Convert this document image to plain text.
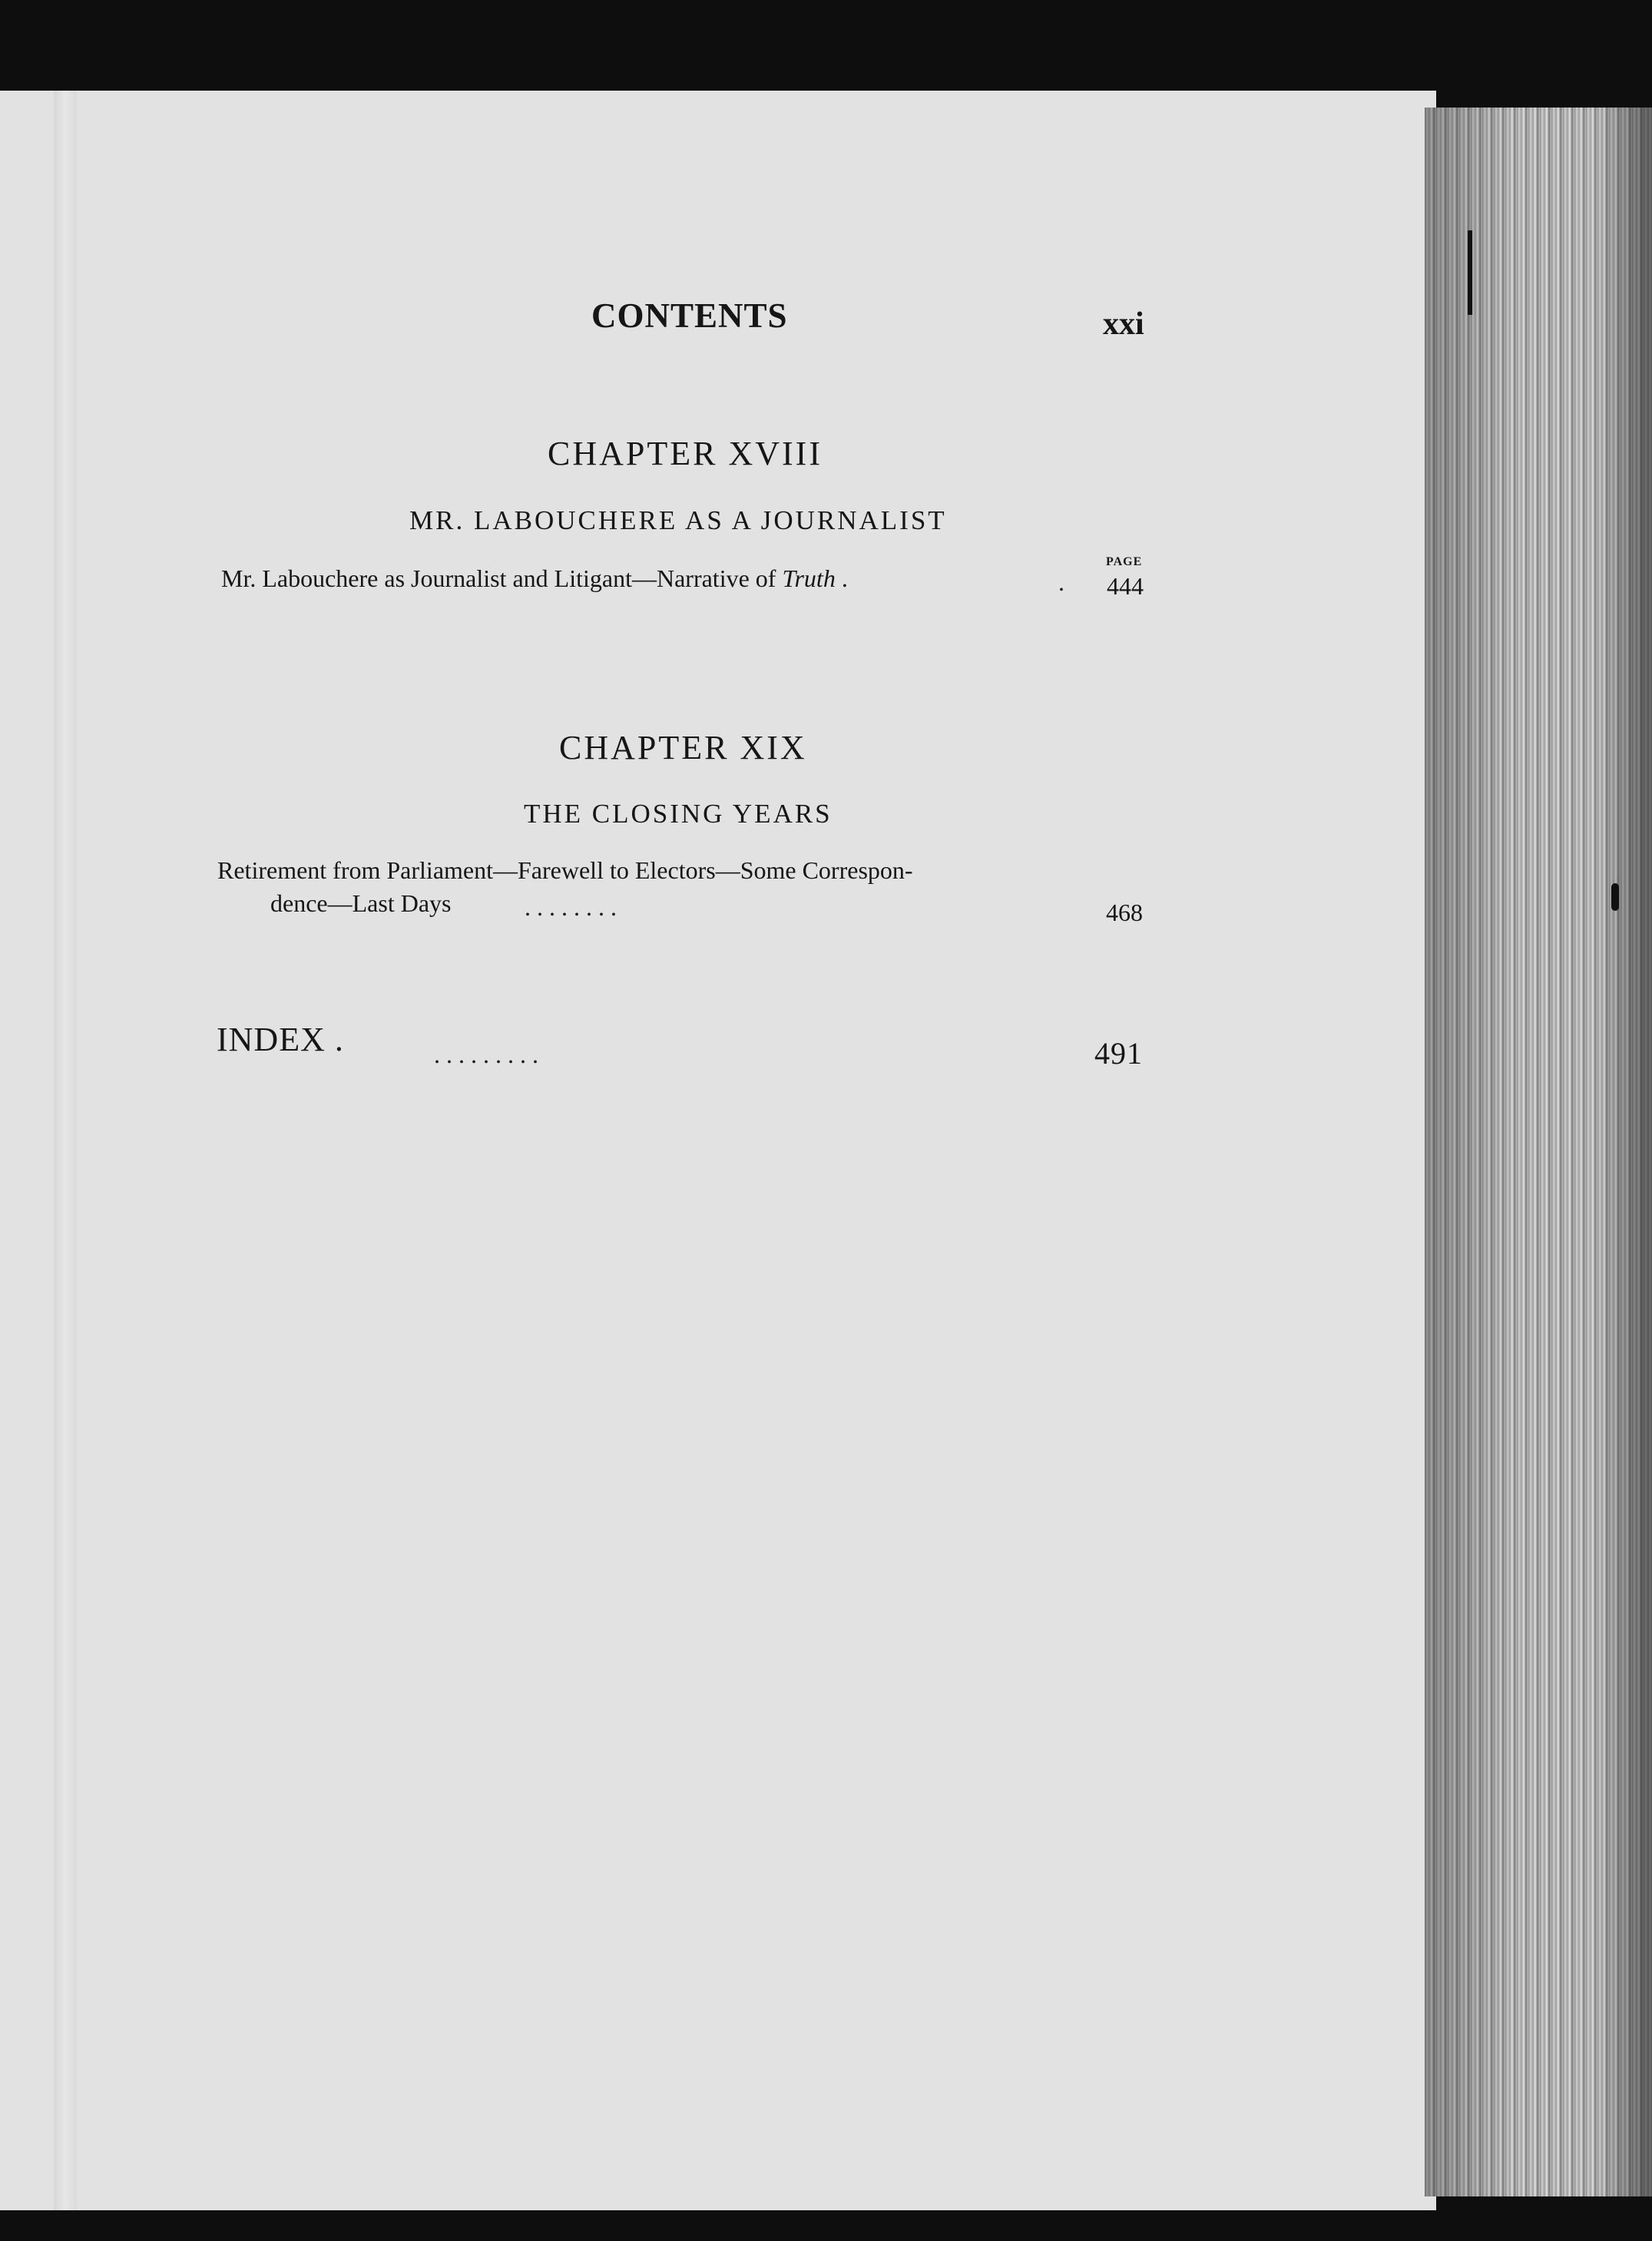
CONTENTS	xxi
CHAPTER XVIII
MR. LABOUCHERE AS A JOURNALIST
PAGE
Mr. Labouchere as Journalist and Litigant—Narrative of Truth .	. 444
CHAPTER XIX
THE CLOSING YEARS
Retirement from Parliament—Farewell to Electors—Some Correspon-
dence—Last Days	. . . . . . . .	468
INDEX .	. . . . . . . . .	491
